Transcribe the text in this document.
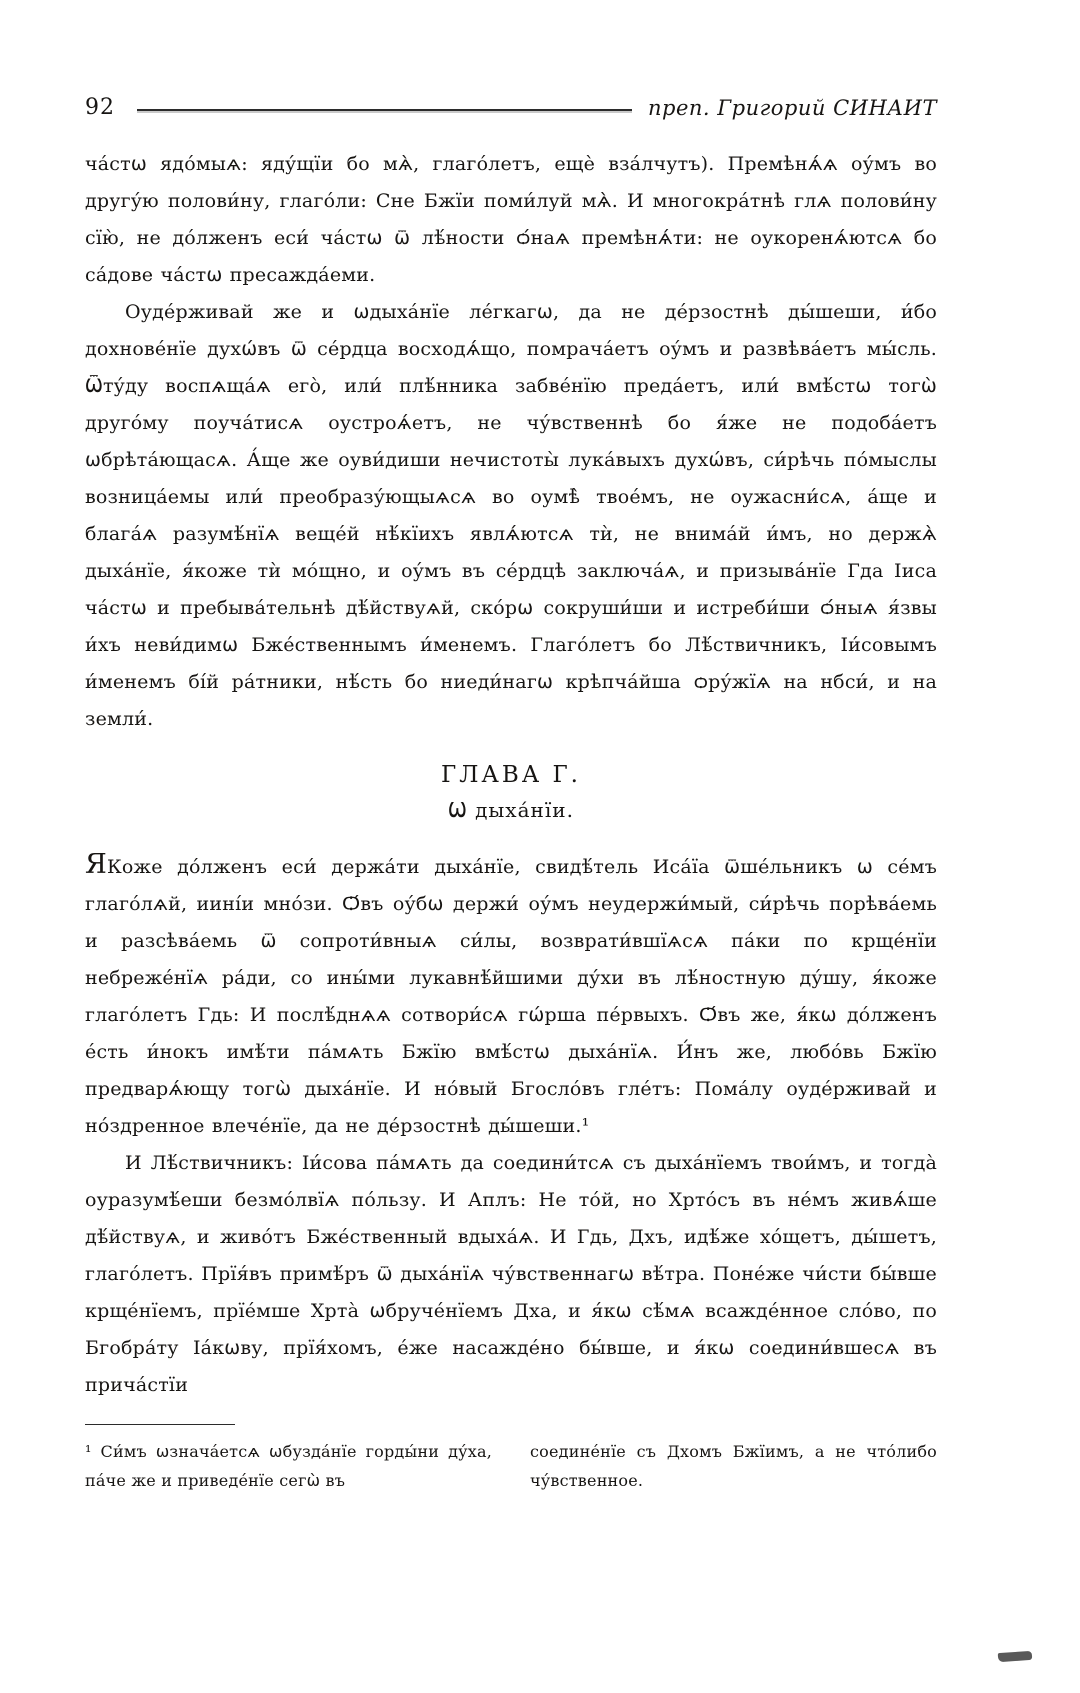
92	преп. Григорий СИНАИТ

ча́стѡ ядо́мыѧ: яду́щїи бо мѧ̀, глаго́летъ, ещѐ вза́лчутъ). Премѣнѧ́ѧ оу́мъ во другу́ю полови́ну, глаго́ли: Сне Бжїи поми́луй мѧ̀. И многокра́тнѣ глѧ полови́ну сїю̀, не до́лженъ еси́ ча́стѡ ѿ лѣ́ности ѻ́наѧ премѣнѧ́ти: не оукоренѧ́ютсѧ бо са́дове ча́стѡ пресажда́еми.

Оуде́рживай же и ѡдыха́нїе ле́гкагѡ, да не де́рзостнѣ ды́шеши, и́бо дохнове́нїе духѡ́въ ѿ се́рдца восходѧ́що, помрача́етъ оу́мъ и развѣва́етъ мы́сль. Ѿту́ду воспѧща́ѧ его̀, или́ плѣ́нника забве́нїю преда́етъ, или́ вмѣ́стѡ тогѡ̀ друго́му поуча́тисѧ оустроѧ́етъ, не чу́вственнѣ бо я́же не подоба́етъ ѡбрѣта́ющасѧ. А́ще же оуви́диши нечистоты̀ лука́выхъ духѡ́въ, си́рѣчь по́мыслы возница́емы или́ преобразу́ющыѧсѧ во оумѣ̀ твое́мъ, не оужасни́сѧ, а́ще и блага́ѧ разумѣ́нїѧ веще́й нѣ́кїихъ явлѧ́ютсѧ тѝ, не внима́й и́мъ, но держѧ̀ дыха́нїе, я́коже тѝ мо́щно, и оу́мъ въ се́рдцѣ заключа́ѧ, и призыва́нїе Гда Іиса ча́стѡ и пребыва́тельнѣ дѣ́йствуѧй, ско́рѡ сокруши́ши и истреби́ши ѻ́ныѧ я́звы и́хъ неви́димѡ Бже́ственнымъ и́менемъ. Глаго́летъ бо Лѣ́ствичникъ, Іи́совымъ и́менемъ бі́й ра́тники, нѣ́сть бо ниеди́нагѡ крѣпча́йша ѻру́жїѧ на нбси́, и на земли́.

ГЛАВА Г.
Ѡ дыха́нїи.

ЯКоже до́лженъ еси́ держа́ти дыха́нїе, свидѣ́тель Иса́їа ѿше́льникъ ѡ се́мъ глаго́лѧй, иині́и мно́зи. Ѻ́въ оу́бѡ держи́ оу́мъ неудержи́мый, си́рѣчь порѣва́емь и разсѣва́емь ѿ сопроти́вныѧ си́лы, возврати́вшїѧсѧ па́ки по крще́нїи небреже́нїѧ ра́ди, со ины́ми лукавнѣ́йшими ду́хи въ лѣ́ностную ду́шу, я́коже глаго́летъ Гдь: И послѣ́днѧѧ сотвори́сѧ гѡ́рша пе́рвыхъ. Ѻ́въ же, я́кѡ до́лженъ е́сть и́нокъ имѣ́ти па́мѧть Бжїю вмѣ́стѡ дыха́нїѧ. И́нъ же, любо́вь Бжїю предварѧ́ющу тогѡ̀ дыха́нїе. И но́вый Бгосло́въ гле́тъ: Пома́лу оуде́рживай и но́здренное влече́нїе, да не де́рзостнѣ ды́шеши.¹

И Лѣ́ствичникъ: Іи́сова па́мѧть да соедини́тсѧ съ дыха́нїемъ твои́мъ, и тогда̀ оуразумѣ́еши безмо́лвїѧ по́льзу. И Аплъ: Не то́й, но Хрто́съ въ не́мъ живѧ́ше дѣ́йствуѧ, и живо́тъ Бже́ственный вдыха́ѧ. И Гдь, Дхъ, идѣ́же хо́щетъ, ды́шетъ, глаго́летъ. Прїя́въ примѣ́ръ ѿ дыха́нїѧ чу́вственнагѡ вѣ́тра. Поне́же чи́сти бы́вше крще́нїемъ, прїе́мше Хрта̀ ѡбруче́нїемъ Дха, и я́кѡ сѣ́мѧ всажде́нное сло́во, по Бгобра́ту Іа́кѡву, прїя́хомъ, е́же насажде́но бы́вше, и я́кѡ соедини́вшесѧ въ прича́стїи

¹ Си́мъ ѡзнача́етсѧ ѡбузда́нїе горды́ни ду́ха, па́че же и приведе́нїе сегѡ̀ въ

соедине́нїе съ Дхомъ Бжїимъ, а не что́либо чу́вственное.
